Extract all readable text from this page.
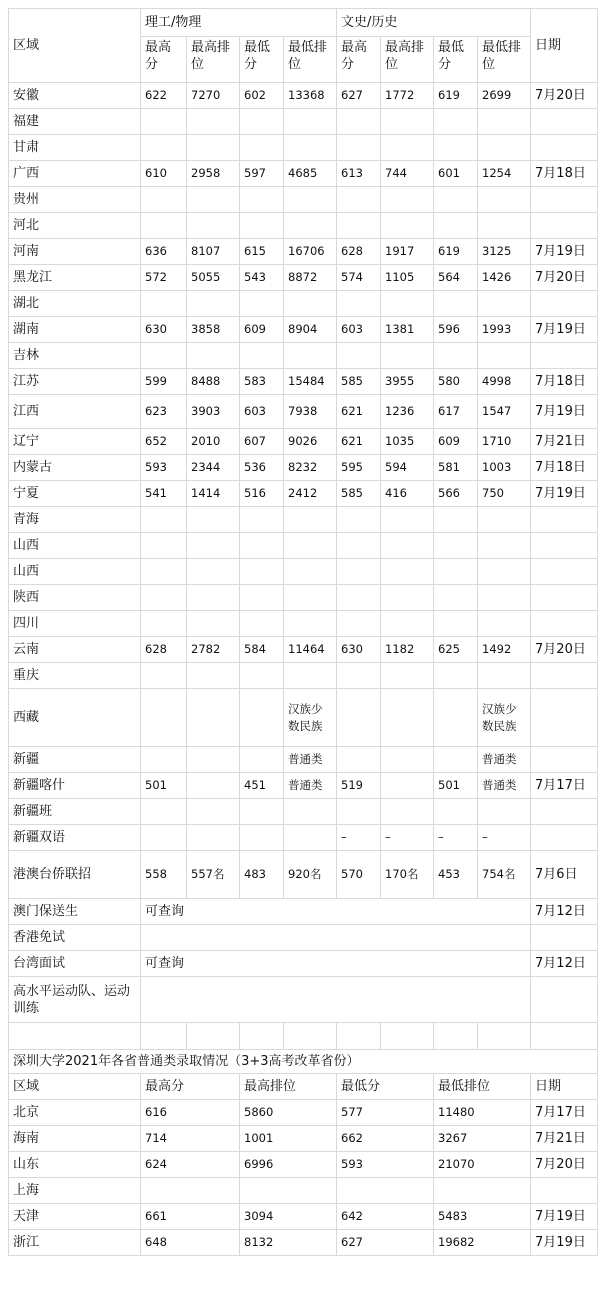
区域	理工/物理				文史/历史				日期
	最高分	最高排位	最低分	最低排位	最高分	最高排位	最低分	最低排位	
安徽	622	7270	602	13368	627	1772	619	2699	7月20日
福建									
甘肃									
广西	610	2958	597	4685	613	744	601	1254	7月18日
贵州									
河北									
河南	636	8107	615	16706	628	1917	619	3125	7月19日
黑龙江	572	5055	543	8872	574	1105	564	1426	7月20日
湖北									
湖南	630	3858	609	8904	603	1381	596	1993	7月19日
吉林									
江苏	599	8488	583	15484	585	3955	580	4998	7月18日
江西	623	3903	603	7938	621	1236	617	1547	7月19日
辽宁	652	2010	607	9026	621	1035	609	1710	7月21日
内蒙古	593	2344	536	8232	595	594	581	1003	7月18日
宁夏	541	1414	516	2412	585	416	566	750	7月19日
青海									
山西									
山西									
陕西									
四川									
云南	628	2782	584	11464	630	1182	625	1492	7月20日
重庆									
西藏				汉族少数民族				汉族少数民族	
新疆				普通类				普通类	
新疆喀什	501		451	普通类	519		501	普通类	7月17日
新疆班									
新疆双语					–	–	–	–	
港澳台侨联招	558	557名	483	920名	570	170名	453	754名	7月6日
澳门保送生	可查询								7月12日
香港免试									
台湾面试	可查询								7月12日
高水平运动队、运动训练									

深圳大学2021年各省普通类录取情况（3+3高考改革省份）									
区域	最高分		最高排位		最低分		最低排位		日期
北京	616		5860		577		11480		7月17日
海南	714		1001		662		3267		7月21日
山东	624		6996		593		21070		7月20日
上海									
天津	661		3094		642		5483		7月19日
浙江	648		8132		627		19682		7月19日
